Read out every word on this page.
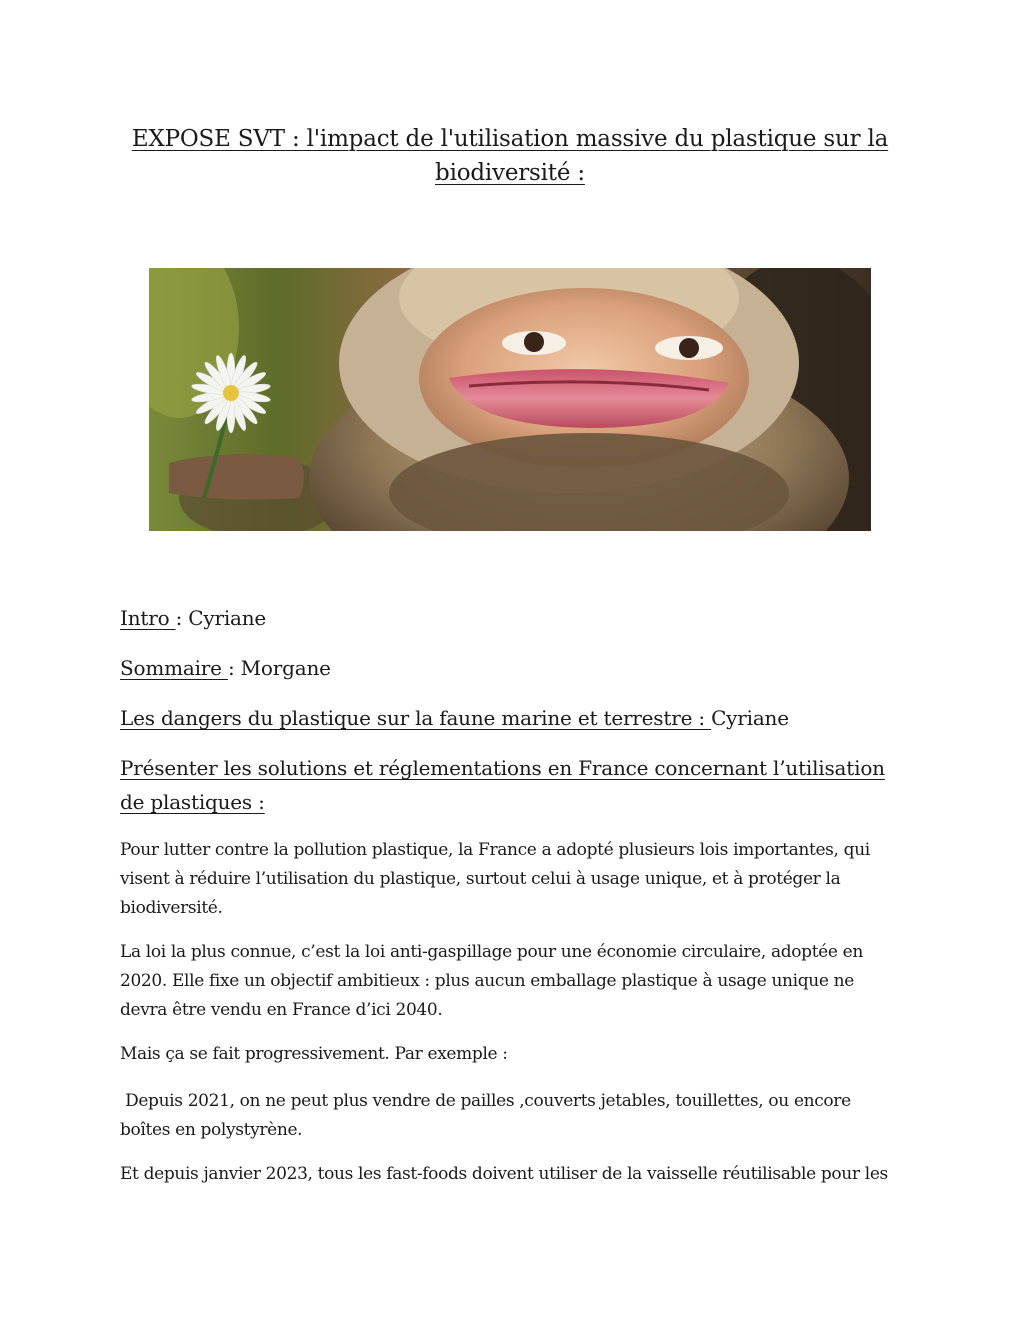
EXPOSE SVT : l'impact de l'utilisation massive du plastique sur la biodiversité :

Intro : Cyriane

Sommaire : Morgane

Les dangers du plastique sur la faune marine et terrestre : Cyriane

Présenter les solutions et réglementations en France concernant l’utilisation de plastiques :

Pour lutter contre la pollution plastique, la France a adopté plusieurs lois importantes, qui visent à réduire l’utilisation du plastique, surtout celui à usage unique, et à protéger la biodiversité.

La loi la plus connue, c’est la loi anti-gaspillage pour une économie circulaire, adoptée en 2020. Elle fixe un objectif ambitieux : plus aucun emballage plastique à usage unique ne devra être vendu en France d’ici 2040.

Mais ça se fait progressivement. Par exemple :

Depuis 2021, on ne peut plus vendre de pailles ,couverts jetables, touillettes, ou encore boîtes en polystyrène.

Et depuis janvier 2023, tous les fast-foods doivent utiliser de la vaisselle réutilisable pour les
